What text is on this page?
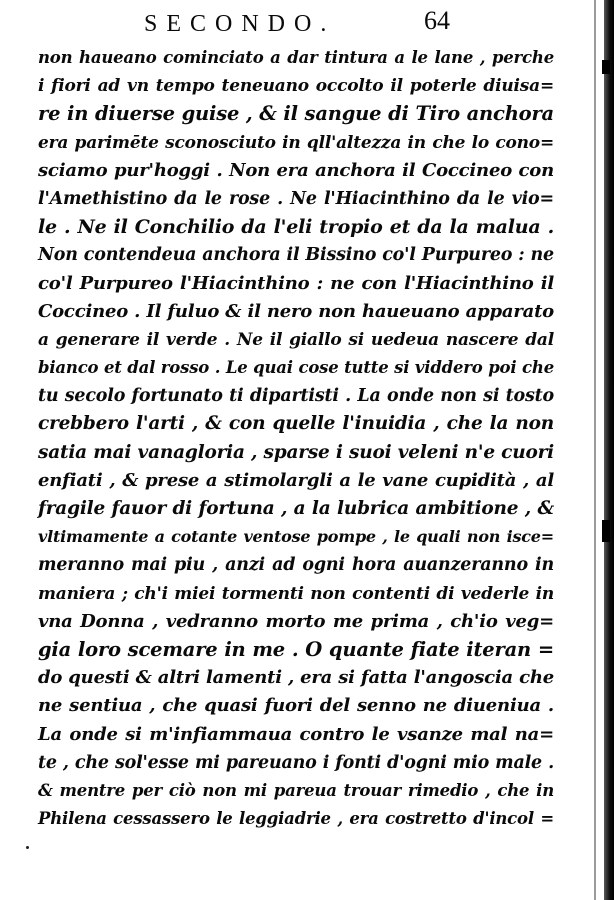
SECONDO.	64
non haueano cominciato a dar tintura a le lane , perche
i fiori ad vn tempo teneuano occolto il poterle diuisa=
re in diuerse guise , & il sangue di Tiro anchora
era parimēte sconosciuto in qll'altezza in che lo cono=
sciamo pur'hoggi . Non era anchora il Coccineo con
l'Amethistino da le rose . Ne l'Hiacinthino da le vio=
le . Ne il Conchilio da l'eli tropio et da la malua .
Non contendeua anchora il Bissino co'l Purpureo : ne
co'l Purpureo l'Hiacinthino : ne con l'Hiacinthino il
Coccineo . Il fuluo & il nero non haueuano apparato
a generare il verde . Ne il giallo si uedeua nascere dal
bianco et dal rosso . Le quai cose tutte si viddero poi che
tu secolo fortunato ti dipartisti . La onde non si tosto
crebbero l'arti , & con quelle l'inuidia , che la non
satia mai vanagloria , sparse i suoi veleni n'e cuori
enfiati , & prese a stimolargli a le vane cupidità , al
fragile fauor di fortuna , a la lubrica ambitione , &
vltimamente a cotante ventose pompe , le quali non isce=
meranno mai piu , anzi ad ogni hora auanzeranno in
maniera ; ch'i miei tormenti non contenti di vederle in
vna Donna , vedranno morto me prima , ch'io veg=
gia loro scemare in me . O quante fiate iteran =
do questi & altri lamenti , era si fatta l'angoscia che
ne sentiua , che quasi fuori del senno ne diueniua .
La onde si m'infiammaua contro le vsanze mal na=
te , che sol'esse mi pareuano i fonti d'ogni mio male .
& mentre per ciò non mi pareua trouar rimedio , che in
Philena cessassero le leggiadrie , era costretto d'incol =
